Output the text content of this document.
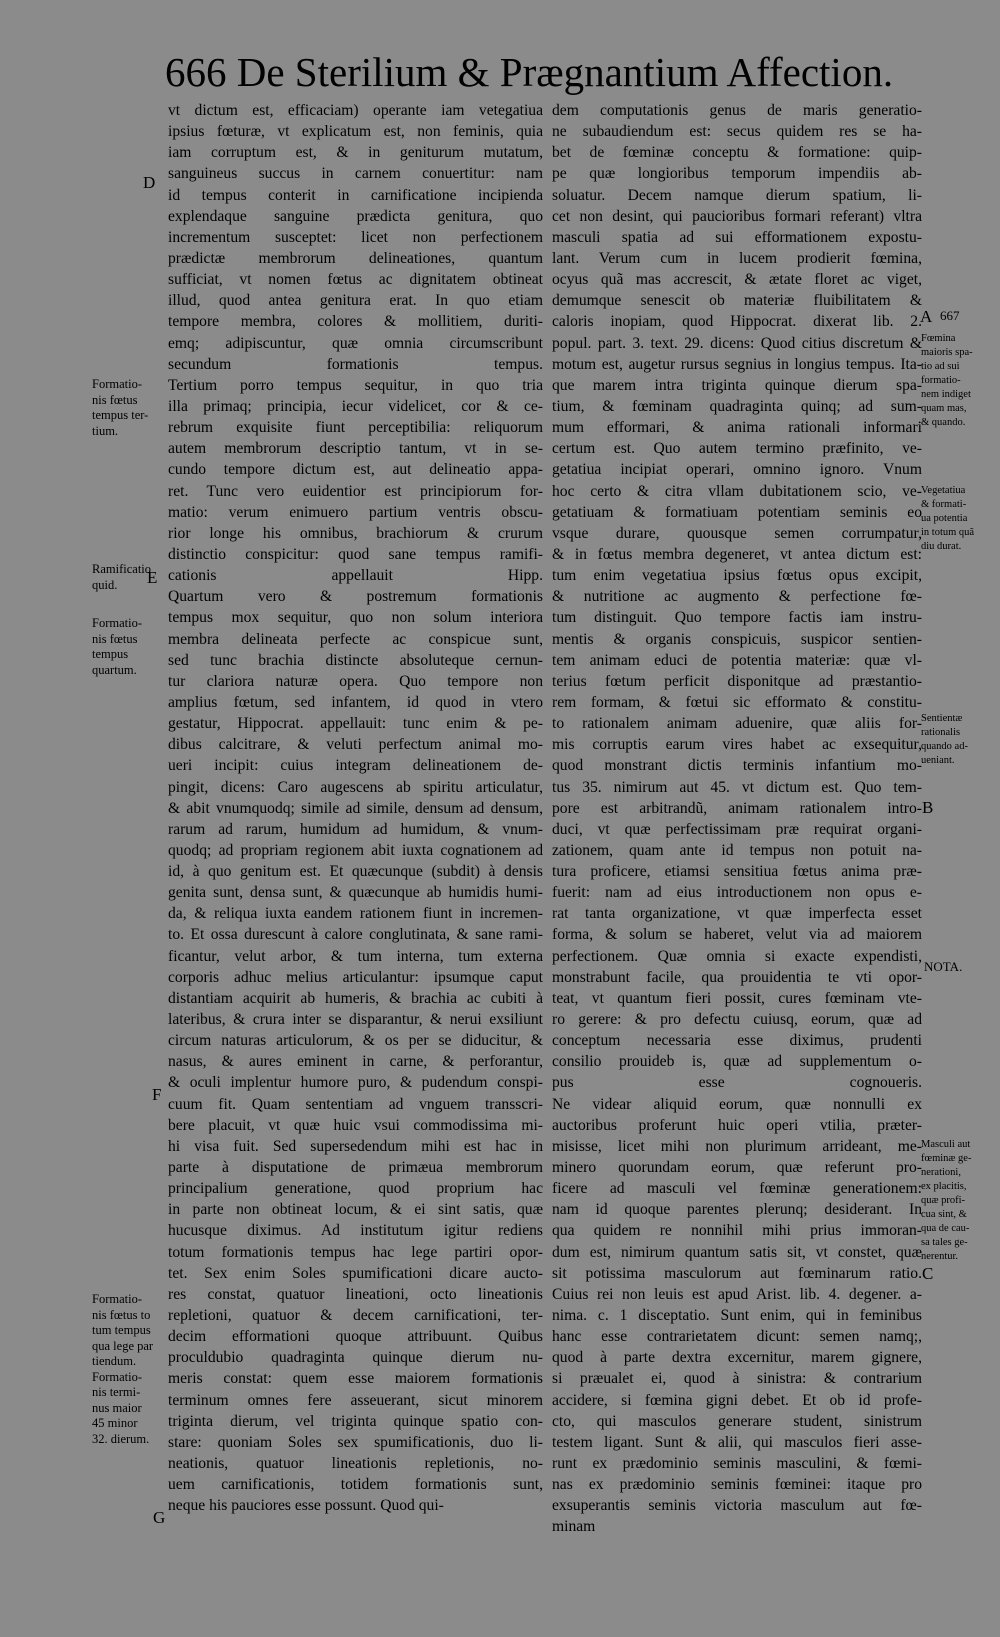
666 De Sterilium & Prægnantium Affection.
vt dictum est, efficaciam) operante iam vetegatiua
ipsius fœturæ, vt explicatum est, non feminis, quia
iam corruptum est, & in geniturum mutatum,
sanguineus succus in carnem conuertitur: nam
id tempus conterit in carnificatione incipienda
explendaque sanguine prædicta genitura, quo
incrementum susceptet: licet non perfectionem
prædictæ membrorum delineationes, quantum
sufficiat, vt nomen fœtus ac dignitatem obtineat
illud, quod antea genitura erat. In quo etiam
tempore membra, colores & mollitiem, duriti-
emq; adipiscuntur, quæ omnia circumscribunt
secundum formationis tempus.
Tertium porro tempus sequitur, in quo tria
illa primaq; principia, iecur videlicet, cor & ce-
rebrum exquisite fiunt perceptibilia: reliquorum
autem membrorum descriptio tantum, vt in se-
cundo tempore dictum est, aut delineatio appa-
ret. Tunc vero euidentior est principiorum for-
matio: verum enimuero partium ventris obscu-
rior longe his omnibus, brachiorum & crurum
distinctio conspicitur: quod sane tempus ramifi-
cationis appellauit Hipp.
Quartum vero & postremum formationis
tempus mox sequitur, quo non solum interiora
membra delineata perfecte ac conspicue sunt,
sed tunc brachia distincte absoluteque cernun-
tur clariora naturæ opera. Quo tempore non
amplius fœtum, sed infantem, id quod in vtero
gestatur, Hippocrat. appellauit: tunc enim & pe-
dibus calcitrare, & veluti perfectum animal mo-
ueri incipit: cuius integram delineationem de-
pingit, dicens: Caro augescens ab spiritu articulatur,
& abit vnumquodq; simile ad simile, densum ad densum,
rarum ad rarum, humidum ad humidum, & vnum-
quodq; ad propriam regionem abit iuxta cognationem ad
id, à quo genitum est. Et quæcunque (subdit) à densis
genita sunt, densa sunt, & quæcunque ab humidis humi-
da, & reliqua iuxta eandem rationem fiunt in incremen-
to. Et ossa durescunt à calore conglutinata, & sane rami-
ficantur, velut arbor, & tum interna, tum externa
corporis adhuc melius articulantur: ipsumque caput
distantiam acquirit ab humeris, & brachia ac cubiti à
lateribus, & crura inter se disparantur, & nerui exsiliunt
circum naturas articulorum, & os per se diducitur, &
nasus, & aures eminent in carne, & perforantur,
& oculi implentur humore puro, & pudendum conspi-
cuum fit. Quam sententiam ad vnguem transscri-
bere placuit, vt quæ huic vsui commodissima mi-
hi visa fuit. Sed supersedendum mihi est hac in
parte à disputatione de primæua membrorum
principalium generatione, quod proprium hac
in parte non obtineat locum, & ei sint satis, quæ
hucusque diximus. Ad institutum igitur rediens
totum formationis tempus hac lege partiri opor-
tet. Sex enim Soles spumificationi dicare aucto-
res constat, quatuor lineationi, octo lineationis
repletioni, quatuor & decem carnificationi, ter-
decim efformationi quoque attribuunt. Quibus
proculdubio quadraginta quinque dierum nu-
meris constat: quem esse maiorem formationis
terminum omnes fere asseuerant, sicut minorem
triginta dierum, vel triginta quinque spatio con-
stare: quoniam Soles sex spumificationis, duo li-
neationis, quatuor lineationis repletionis, no-
uem carnificationis, totidem formationis sunt,
neque his pauciores esse possunt. Quod qui-
dem computationis genus de maris generatio-
ne subaudiendum est: secus quidem res se ha-
bet de fœminæ conceptu & formatione: quip-
pe quæ longioribus temporum impendiis ab-
soluatur. Decem namque dierum spatium, li-
cet non desint, qui paucioribus formari referant) vltra
masculi spatia ad sui efformationem expostu-
lant. Verum cum in lucem prodierit fœmina,
ocyus quã mas accrescit, & ætate floret ac viget,
demumque senescit ob materiæ fluibilitatem &
caloris inopiam, quod Hippocrat. dixerat lib. 2.
popul. part. 3. text. 29. dicens: Quod citius discretum &
motum est, augetur rursus segnius in longius tempus. Ita-
que marem intra triginta quinque dierum spa-
tium, & fœminam quadraginta quinq; ad sum-
mum efformari, & anima rationali informari
certum est. Quo autem termino præfinito, ve-
getatiua incipiat operari, omnino ignoro. Vnum
hoc certo & citra vllam dubitationem scio, ve-
getatiuam & formatiuam potentiam seminis eo
vsque durare, quousque semen corrumpatur,
& in fœtus membra degeneret, vt antea dictum est:
tum enim vegetatiua ipsius fœtus opus excipit,
& nutritione ac augmento & perfectione fœ-
tum distinguit. Quo tempore factis iam instru-
mentis & organis conspicuis, suspicor sentien-
tem animam educi de potentia materiæ: quæ vl-
terius fœtum perficit disponitque ad præstantio-
rem formam, & fœtui sic efformato & constitu-
to rationalem animam aduenire, quæ aliis for-
mis corruptis earum vires habet ac exsequitur,
quod monstrant dictis terminis infantium mo-
tus 35. nimirum aut 45. vt dictum est. Quo tem-
pore est arbitrandũ, animam rationalem intro-
duci, vt quæ perfectissimam præ requirat organi-
zationem, quam ante id tempus non potuit na-
tura proficere, etiamsi sensitiua fœtus anima præ-
fuerit: nam ad eius introductionem non opus e-
rat tanta organizatione, vt quæ imperfecta esset
forma, & solum se haberet, velut via ad maiorem
perfectionem. Quæ omnia si exacte expendisti,
monstrabunt facile, qua prouidentia te vti opor-
teat, vt quantum fieri possit, cures fœminam vte-
ro gerere: & pro defectu cuiusq, eorum, quæ ad
conceptum necessaria esse diximus, prudenti
consilio prouideb is, quæ ad supplementum o-
pus esse cognoueris.
Ne videar aliquid eorum, quæ nonnulli ex
auctoribus proferunt huic operi vtilia, præter-
misisse, licet mihi non plurimum arrideant, me-
minero quorundam eorum, quæ referunt pro-
ficere ad masculi vel fœminæ generationem:
nam id quoque parentes plerunq; desiderant. In
qua quidem re nonnihil mihi prius immoran-
dum est, nimirum quantum satis sit, vt constet, quæ
sit potissima masculorum aut fœminarum ratio.
Cuius rei non leuis est apud Arist. lib. 4. degener. a-
nima. c. 1 disceptatio. Sunt enim, qui in feminibus
hanc esse contrarietatem dicunt: semen namq;,
quod à parte dextra excernitur, marem gignere,
si præualet ei, quod à sinistra: & contrarium
accidere, si fœmina gigni debet. Et ob id profe-
cto, qui masculos generare student, sinistrum
testem ligant. Sunt & alii, qui masculos fieri asse-
runt ex prædominio seminis masculini, & fœmi-
nas ex prædominio seminis fœminei: itaque pro
exsuperantis seminis victoria masculum aut fœ-
minam
D
E
F
G
A
B
C
667
Formatio-
nis fœtus
tempus ter-
tium.
Ramificatio
quid.
Formatio-
nis fœtus
tempus
quartum.
Formatio-
nis fœtus to
tum tempus
qua lege par
tiendum.
Formatio-
nis termi-
nus maior
45 minor
32. dierum.
Fœmina
maioris spa-
tio ad sui
formatio-
nem indiget
quam mas,
& quando.
Vegetatiua
& formati-
ua potentia
in totum quã
diu durat.
Sentientæ
rationalis
quando ad-
ueniant.
NOTA.
Masculi aut
fœminæ ge-
nerationi,
ex placitis,
quæ profi-
cua sint, &
qua de cau-
sa tales ge-
nerentur.
